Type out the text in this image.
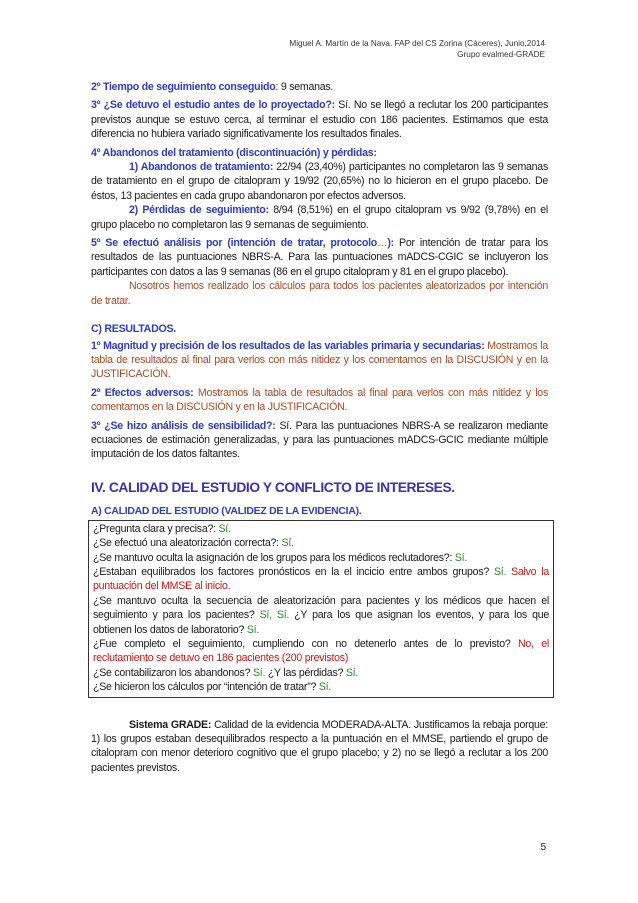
Miguel A. Martín de la Nava. FAP del CS Zorina (Cáceres), Junio,2014
Grupo evalmed-GRADE

2º Tiempo de seguimiento conseguido: 9 semanas.

3º ¿Se detuvo el estudio antes de lo proyectado?: Sí. No se llegó a reclutar los 200 participantes previstos aunque se estuvo cerca, al terminar el estudio con 186 pacientes. Estimamos que esta diferencia no hubiera variado significativamente los resultados finales.

4º Abandonos del tratamiento (discontinuación) y pérdidas:

1) Abandonos de tratamiento: 22/94 (23,40%) participantes no completaron las 9 semanas de tratamiento en el grupo de citalopram y 19/92 (20,65%) no lo hicieron en el grupo placebo. De éstos, 13 pacientes en cada grupo abandonaron por efectos adversos.

2) Pérdidas de seguimiento: 8/94 (8,51%) en el grupo citalopram vs 9/92 (9,78%) en el grupo placebo no completaron las 9 semanas de seguimiento.

5º Se efectuó análisis por (intención de tratar, protocolo…): Por intención de tratar para los resultados de las puntuaciones NBRS-A. Para las puntuaciones mADCS-CGIC se incluyeron los participantes con datos a las 9 semanas (86 en el grupo citalopram y 81 en el grupo placebo).

Nosotros hemos realizado los cálculos para todos los pacientes aleatorizados por intención de tratar.

C) RESULTADOS.

1º Magnitud y precisión de los resultados de las variables primaria y secundarias: Mostramos la tabla de resultados al final para verlos con más nitidez y los comentamos en la DISCUSIÓN y en la JUSTIFICACIÓN.

2º Efectos adversos: Mostramos la tabla de resultados al final para verlos con más nitidez y los comentamos en la DISCUSIÓN y en la JUSTIFICACIÓN.

3º ¿Se hizo análisis de sensibilidad?: Sí. Para las puntuaciones NBRS-A se realizaron mediante ecuaciones de estimación generalizadas, y para las puntuaciones mADCS-GCIC mediante múltiple imputación de los datos faltantes.

IV. CALIDAD DEL ESTUDIO Y CONFLICTO DE INTERESES.
A) CALIDAD DEL ESTUDIO (VALIDEZ DE LA EVIDENCIA).

¿Pregunta clara y precisa?: Sí.

¿Se efectuó una aleatorización correcta?: Sí.

¿Se mantuvo oculta la asignación de los grupos para los médicos reclutadores?: Sí.

¿Estaban equilibrados los factores pronósticos en la el incicio entre ambos grupos? Sí. Salvo la puntuación del MMSE al inicio.

¿Se mantuvo oculta la secuencia de aleatorización para pacientes y los médicos que hacen el seguimiento y para los pacientes? Sí, Sí. ¿Y para los que asignan los eventos, y para los que obtienen los datos de laboratorio? Sí.

¿Fue completo el seguimiento, cumpliendo con no detenerlo antes de lo previsto? No, el reclutamiento se detuvo en 186 pacientes (200 previstos)

¿Se contabilizaron los abandonos? Sí. ¿Y las pérdidas? Sí.

¿Se hicieron los cálculos por “intención de tratar”? Sí.

Sistema GRADE: Calidad de la evidencia MODERADA-ALTA. Justificamos la rebaja porque: 1) los grupos estaban desequilibrados respecto a la puntuación en el MMSE, partiendo el grupo de citalopram con menor deterioro cognitivo que el grupo placebo; y 2) no se llegó a reclutar a los 200 pacientes previstos.

5
